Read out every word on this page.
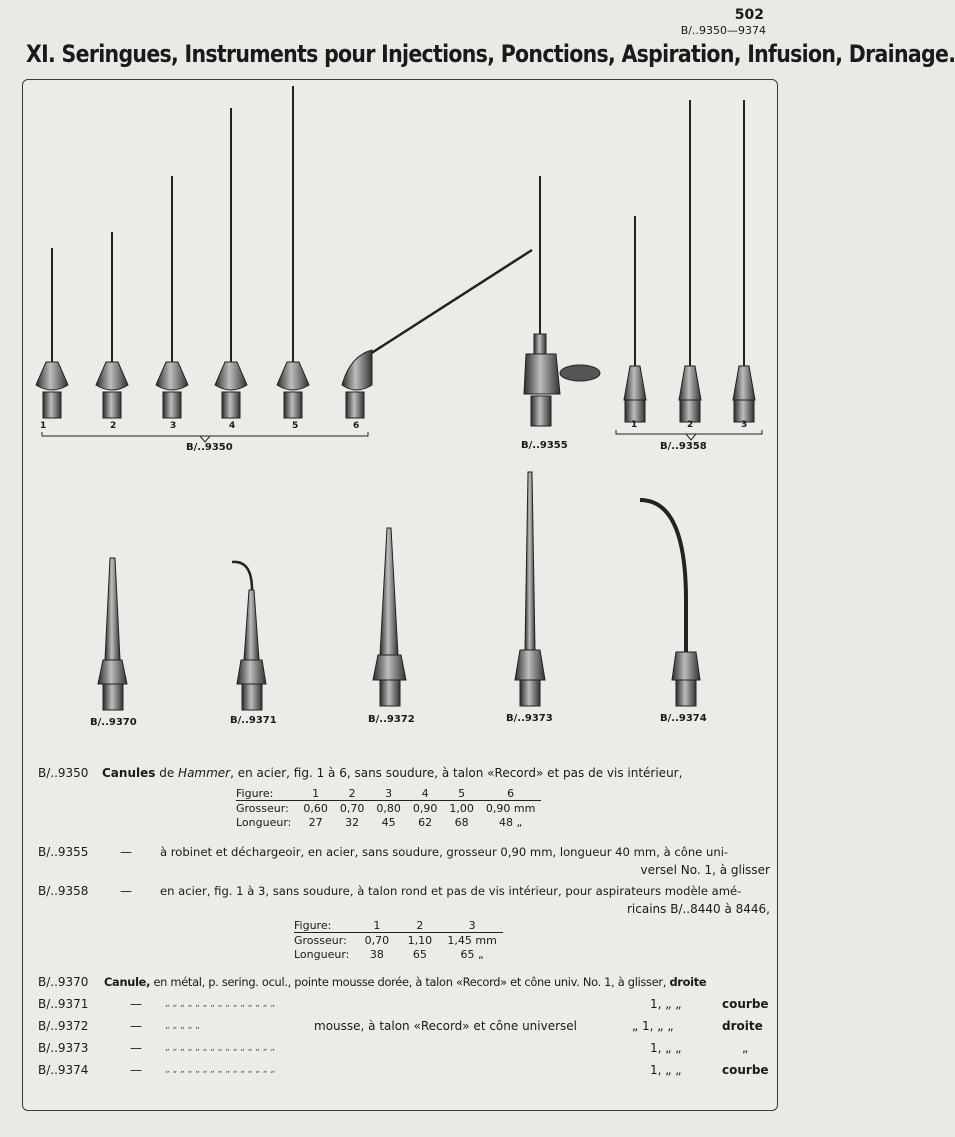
502
B/..9350—9374
XI. Seringues, Instruments pour Injections, Ponctions, Aspiration, Infusion, Drainage.
1	2	3	4	5	6	1	2	3
B/..9350	B/..9355	B/..9358
B/..9370	B/..9371	B/..9372	B/..9373	B/..9374
B/..9350 Canules de Hammer, en acier, fig. 1 à 6, sans soudure, à talon «Record» et pas de vis intérieur,
Figure:	1	2	3	4	5	6
Grosseur:	0,60	0,70	0,80	0,90	1,00	0,90 mm
Longueur:	27	32	45	62	68	48 „
B/..9355	— à robinet et déchargeoir, en acier, sans soudure, grosseur 0,90 mm, longueur 40 mm, à cône uni-
versel No. 1, à glisser
B/..9358	— en acier, fig. 1 à 3, sans soudure, à talon rond et pas de vis intérieur, pour aspirateurs modèle amé-
ricains B/..8440 à 8446,
Figure:	1	2	3
Grosseur:	0,70	1,10	1,45 mm
Longueur:	38	65	65 „
B/..9370 Canule, en métal, p. sering. ocul., pointe mousse dorée, à talon «Record» et cône univ. No. 1, à glisser, droite
B/..9371	—	„ „ „ „ „ „ „ „ „ „ „ „ „ „ „	1, „ „	courbe
B/..9372	—	„ „ „ „ „	mousse, à talon «Record» et cône universel	„ 1, „ „	droite
B/..9373	—	„ „ „ „ „ „ „ „ „ „ „ „ „ „ „	1, „ „	„
B/..9374	—	„ „ „ „ „ „ „ „ „ „ „ „ „ „ „	1, „ „	courbe
